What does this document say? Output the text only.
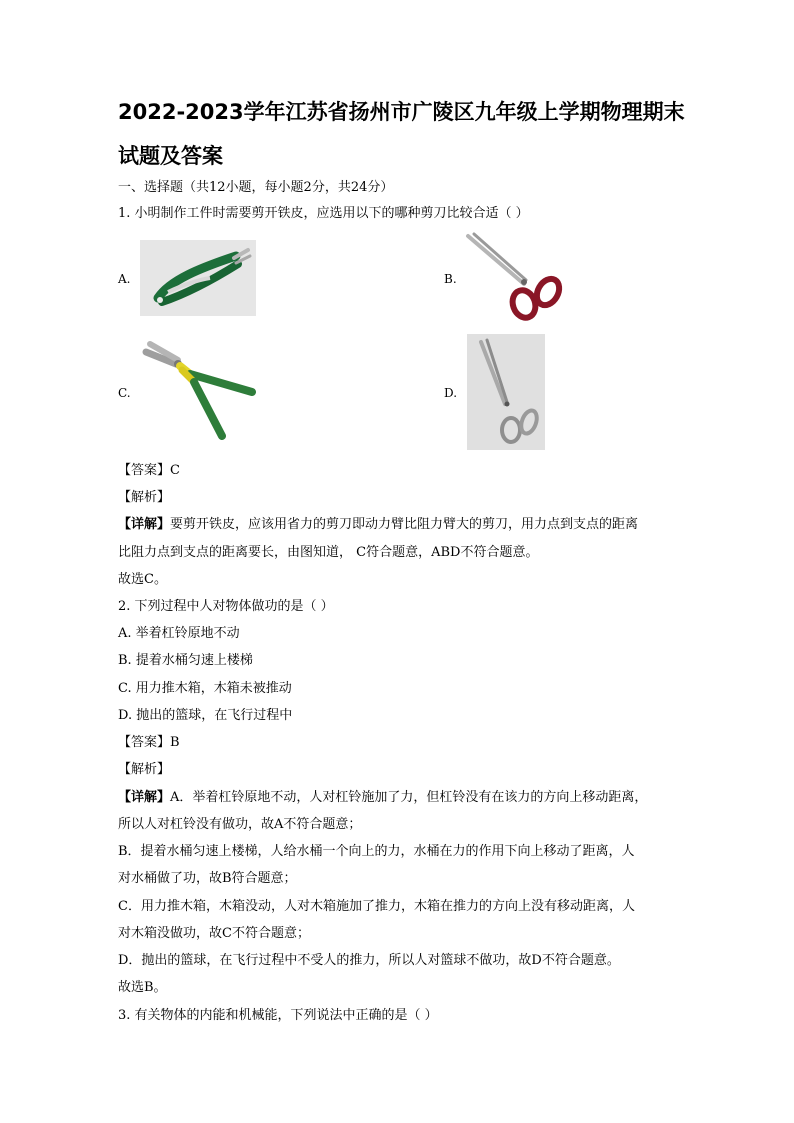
2022-2023学年江苏省扬州市广陵区九年级上学期物理期末
试题及答案
一、选择题（共12小题，每小题2分，共24分）
1. 小明制作工件时需要剪开铁皮，应选用以下的哪种剪刀比较合适（ ）
A.	B.
C.	D.
【答案】C
【解析】
【详解】要剪开铁皮，应该用省力的剪刀即动力臂比阻力臂大的剪刀，用力点到支点的距离
比阻力点到支点的距离要长，由图知道， C符合题意，ABD不符合题意。
故选C。
2. 下列过程中人对物体做功的是（ ）
A. 举着杠铃原地不动
B. 提着水桶匀速上楼梯
C. 用力推木箱，木箱未被推动
D. 抛出的篮球，在飞行过程中
【答案】B
【解析】
【详解】A．举着杠铃原地不动，人对杠铃施加了力，但杠铃没有在该力的方向上移动距离，
所以人对杠铃没有做功，故A不符合题意；
B．提着水桶匀速上楼梯，人给水桶一个向上的力，水桶在力的作用下向上移动了距离，人
对水桶做了功，故B符合题意；
C．用力推木箱，木箱没动，人对木箱施加了推力，木箱在推力的方向上没有移动距离，人
对木箱没做功，故C不符合题意；
D．抛出的篮球，在飞行过程中不受人的推力，所以人对篮球不做功，故D不符合题意。
故选B。
3. 有关物体的内能和机械能，下列说法中正确的是（ ）
